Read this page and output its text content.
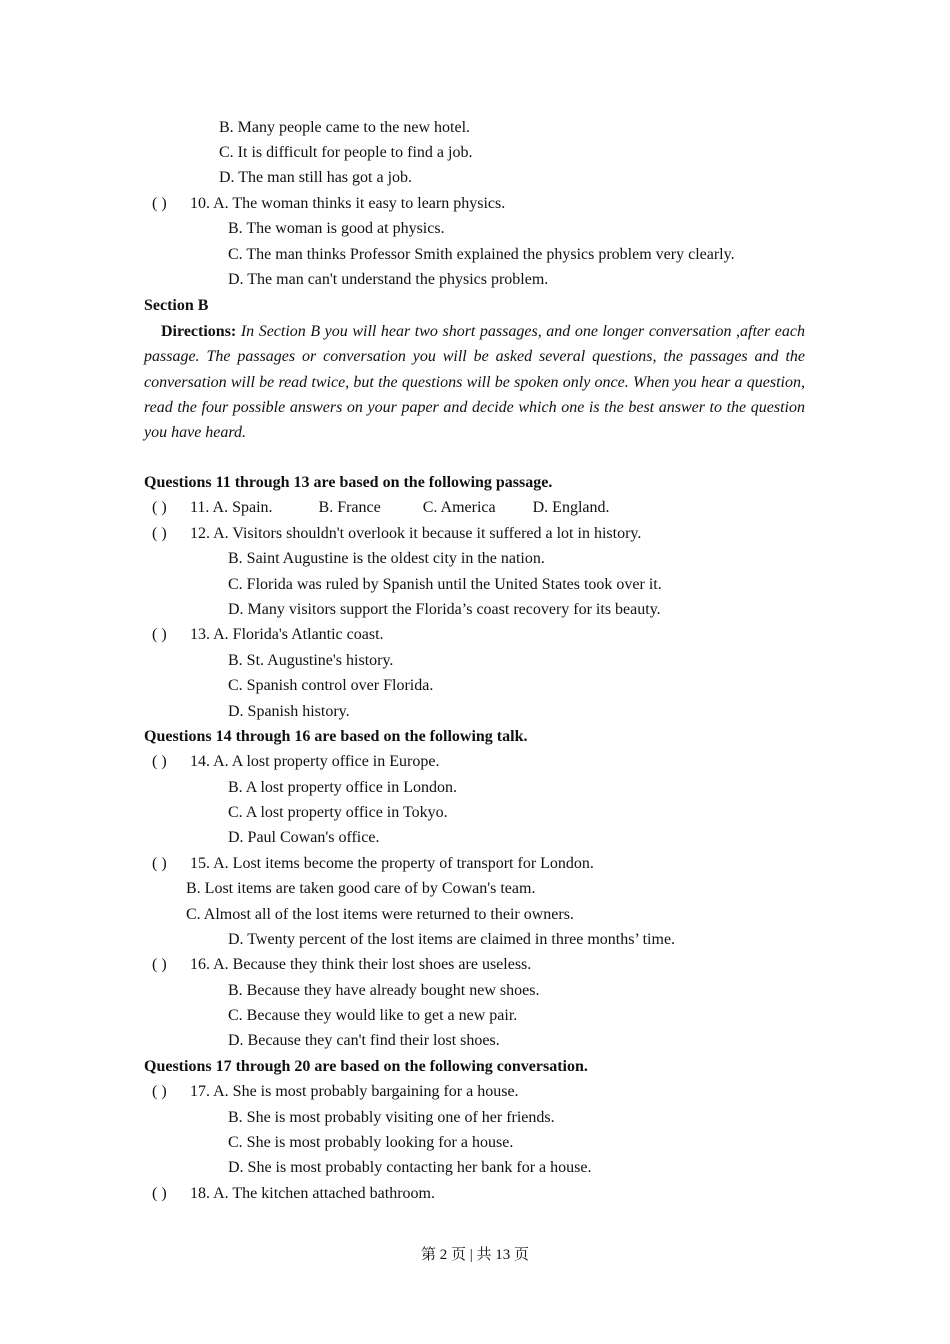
B. Many people came to the new hotel.
C. It is difficult for people to find a job.
D. The man still has got a job.
( ) 10. A. The woman thinks it easy to learn physics.
B. The woman is good at physics.
C. The man thinks Professor Smith explained the physics problem very clearly.
D. The man can't understand the physics problem.
Section B
Directions: In Section B you will hear two short passages, and one longer conversation ,after each passage. The passages or conversation you will be asked several questions, the passages and the conversation will be read twice, but the questions will be spoken only once. When you hear a question, read the four possible answers on your paper and decide which one is the best answer to the question you have heard.
Questions 11 through 13 are based on the following passage.
( ) 11. A. Spain.	B. France	C. America D. England.
( ) 12. A. Visitors shouldn't overlook it because it suffered a lot in history.
B. Saint Augustine is the oldest city in the nation.
C. Florida was ruled by Spanish until the United States took over it.
D. Many visitors support the Florida’s coast recovery for its beauty.
( ) 13. A. Florida's Atlantic coast.
B. St. Augustine's history.
C. Spanish control over Florida.
D. Spanish history.
Questions 14 through 16 are based on the following talk.
( ) 14. A. A lost property office in Europe.
B. A lost property office in London.
C. A lost property office in Tokyo.
D. Paul Cowan's office.
( ) 15. A. Lost items become the property of transport for London.
B. Lost items are taken good care of by Cowan's team.
C. Almost all of the lost items were returned to their owners.
D. Twenty percent of the lost items are claimed in three months’ time.
( ) 16. A. Because they think their lost shoes are useless.
B. Because they have already bought new shoes.
C. Because they would like to get a new pair.
D. Because they can't find their lost shoes.
Questions 17 through 20 are based on the following conversation.
( ) 17. A. She is most probably bargaining for a house.
B. She is most probably visiting one of her friends.
C. She is most probably looking for a house.
D. She is most probably contacting her bank for a house.
( ) 18. A. The kitchen attached bathroom.
第 2 页 | 共 13 页
